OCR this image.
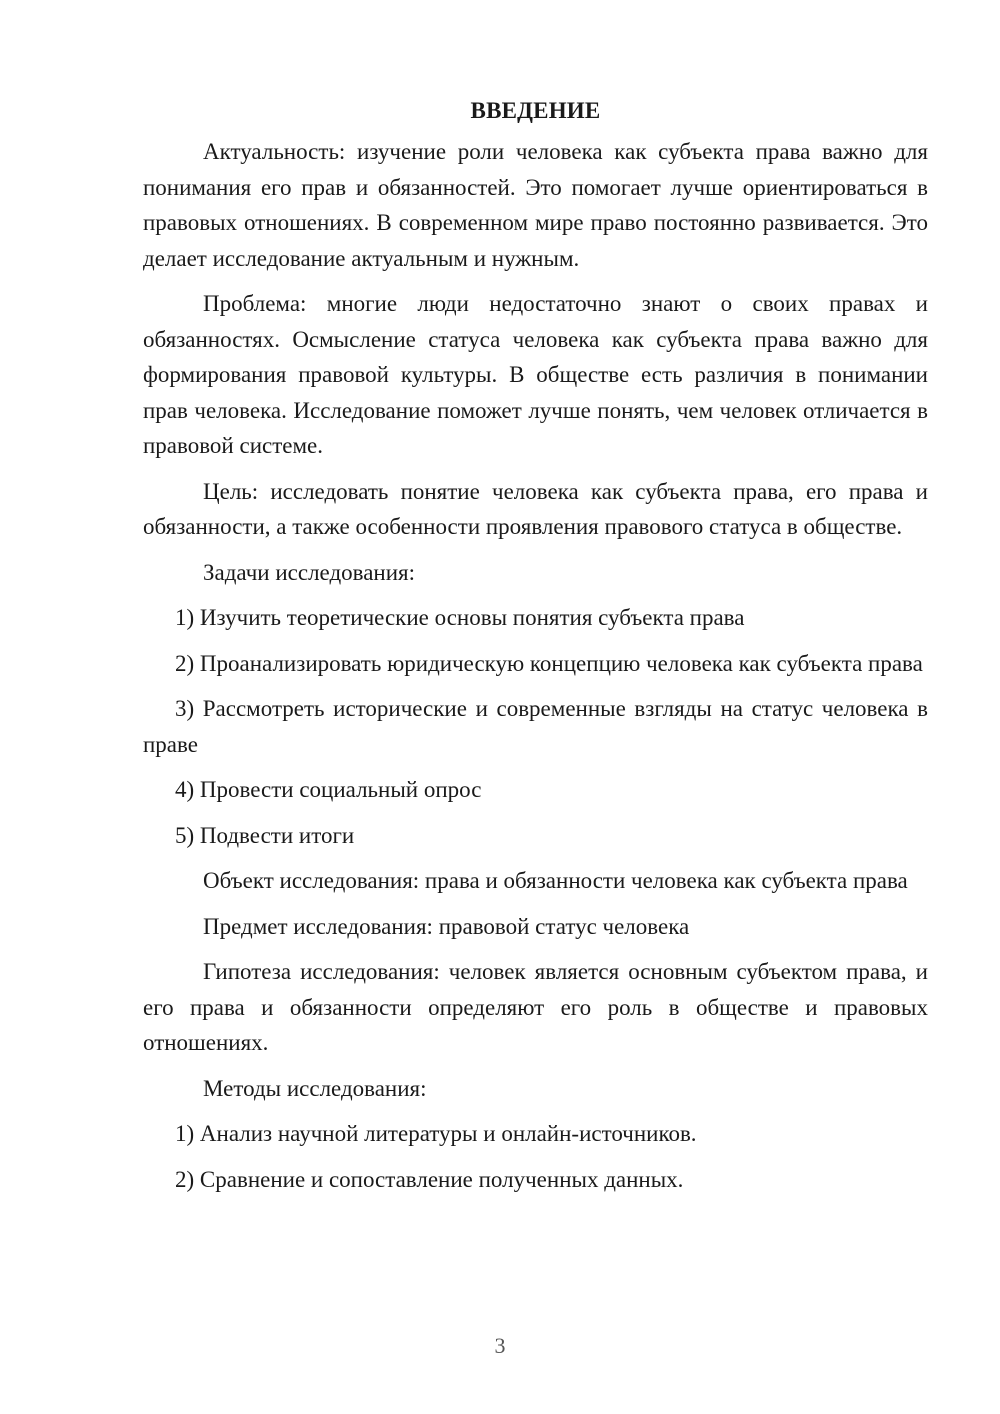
ВВЕДЕНИЕ

Актуальность: изучение роли человека как субъекта права важно для понимания его прав и обязанностей. Это помогает лучше ориентироваться в правовых отношениях. В современном мире право постоянно развивается. Это делает исследование актуальным и нужным.

Проблема: многие люди недостаточно знают о своих правах и обязанностях. Осмысление статуса человека как субъекта права важно для формирования правовой культуры. В обществе есть различия в понимании прав человека. Исследование поможет лучше понять, чем человек отличается в правовой системе.

Цель: исследовать понятие человека как субъекта права, его права и обязанности, а также особенности проявления правового статуса в обществе.

Задачи исследования:

1) Изучить теоретические основы понятия субъекта права

2) Проанализировать юридическую концепцию человека как субъекта права

3) Рассмотреть исторические и современные взгляды на статус человека в праве

4) Провести социальный опрос

5) Подвести итоги

Объект исследования: права и обязанности человека как субъекта права

Предмет исследования: правовой статус человека

Гипотеза исследования: человек является основным субъектом права, и его права и обязанности определяют его роль в обществе и правовых отношениях.

Методы исследования:

1) Анализ научной литературы и онлайн-источников.

2) Сравнение и сопоставление полученных данных.

3
